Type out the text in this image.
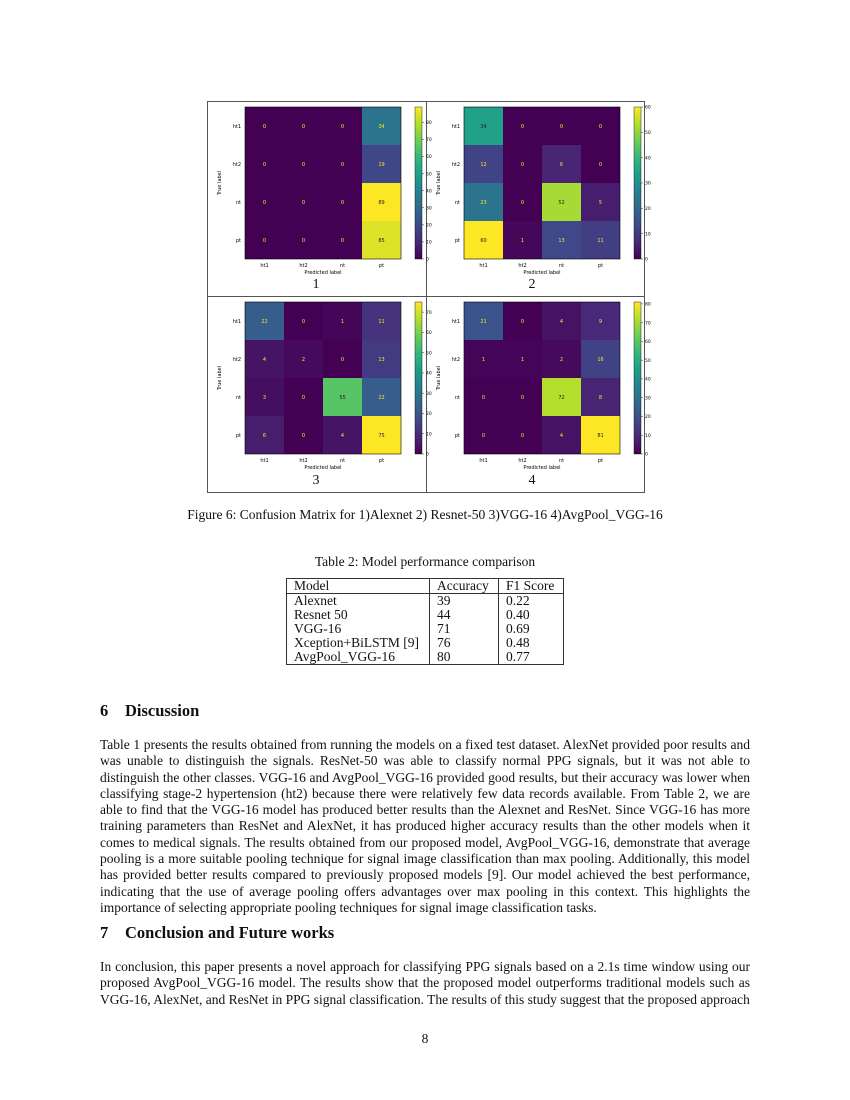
0	0	0	34
0	0	0	19
0	0	0	89
0	0	0	85
ht1
ht2
nt
pt
ht1	ht2	nt	pt
Predicted label
True label
0
10
20
30
40
50
60
70
80
1
34	0	0	0
12	0	6	0
23	0	52	5
60	1	13	11
ht1
ht2
nt
pt
ht1	ht2	nt	pt
Predicted label
True label
0
10
20
30
40
50
60
2
22	0	1	11
4	2	0	13
3	0	55	22
6	0	4	75
ht1
ht2
nt
pt
ht1	ht2	nt	pt
Predicted label
True label
0
10
20
30
40
50
60
70
3
21	0	4	9
1	1	2	16
0	0	72	8
0	0	4	81
ht1
ht2
nt
pt
ht1	ht2	nt	pt
Predicted label
True label
0
10
20
30
40
50
60
70
80
4
Figure 6: Confusion Matrix for 1)Alexnet 2) Resnet-50 3)VGG-16 4)AvgPool_VGG-16
Table 2: Model performance comparison
Model	Accuracy	F1 Score
Alexnet	39	0.22
Resnet 50	44	0.40
VGG-16	71	0.69
Xception+BiLSTM [9]	76	0.48
AvgPool_VGG-16	80	0.77
6 Discussion

Table 1 presents the results obtained from running the models on a fixed test dataset. AlexNet provided poor results and was unable to distinguish the signals. ResNet-50 was able to classify normal PPG signals, but it was not able to distinguish the other classes. VGG-16 and AvgPool_VGG-16 provided good results, but their accuracy was lower when classifying stage-2 hypertension (ht2) because there were relatively few data records available. From Table 2, we are able to find that the VGG-16 model has produced better results than the Alexnet and ResNet. Since VGG-16 has more training parameters than ResNet and AlexNet, it has produced higher accuracy results than the other models when it comes to medical signals. The results obtained from our proposed model, AvgPool_VGG-16, demonstrate that average pooling is a more suitable pooling technique for signal image classification than max pooling. Additionally, this model has provided better results compared to previously proposed models [9]. Our model achieved the best performance, indicating that the use of average pooling offers advantages over max pooling in this context. This highlights the importance of selecting appropriate pooling techniques for signal image classification tasks.

7 Conclusion and Future works

In conclusion, this paper presents a novel approach for classifying PPG signals based on a 2.1s time window using our proposed AvgPool_VGG-16 model. The results show that the proposed model outperforms traditional models such as VGG-16, AlexNet, and ResNet in PPG signal classification. The results of this study suggest that the proposed approach

8
